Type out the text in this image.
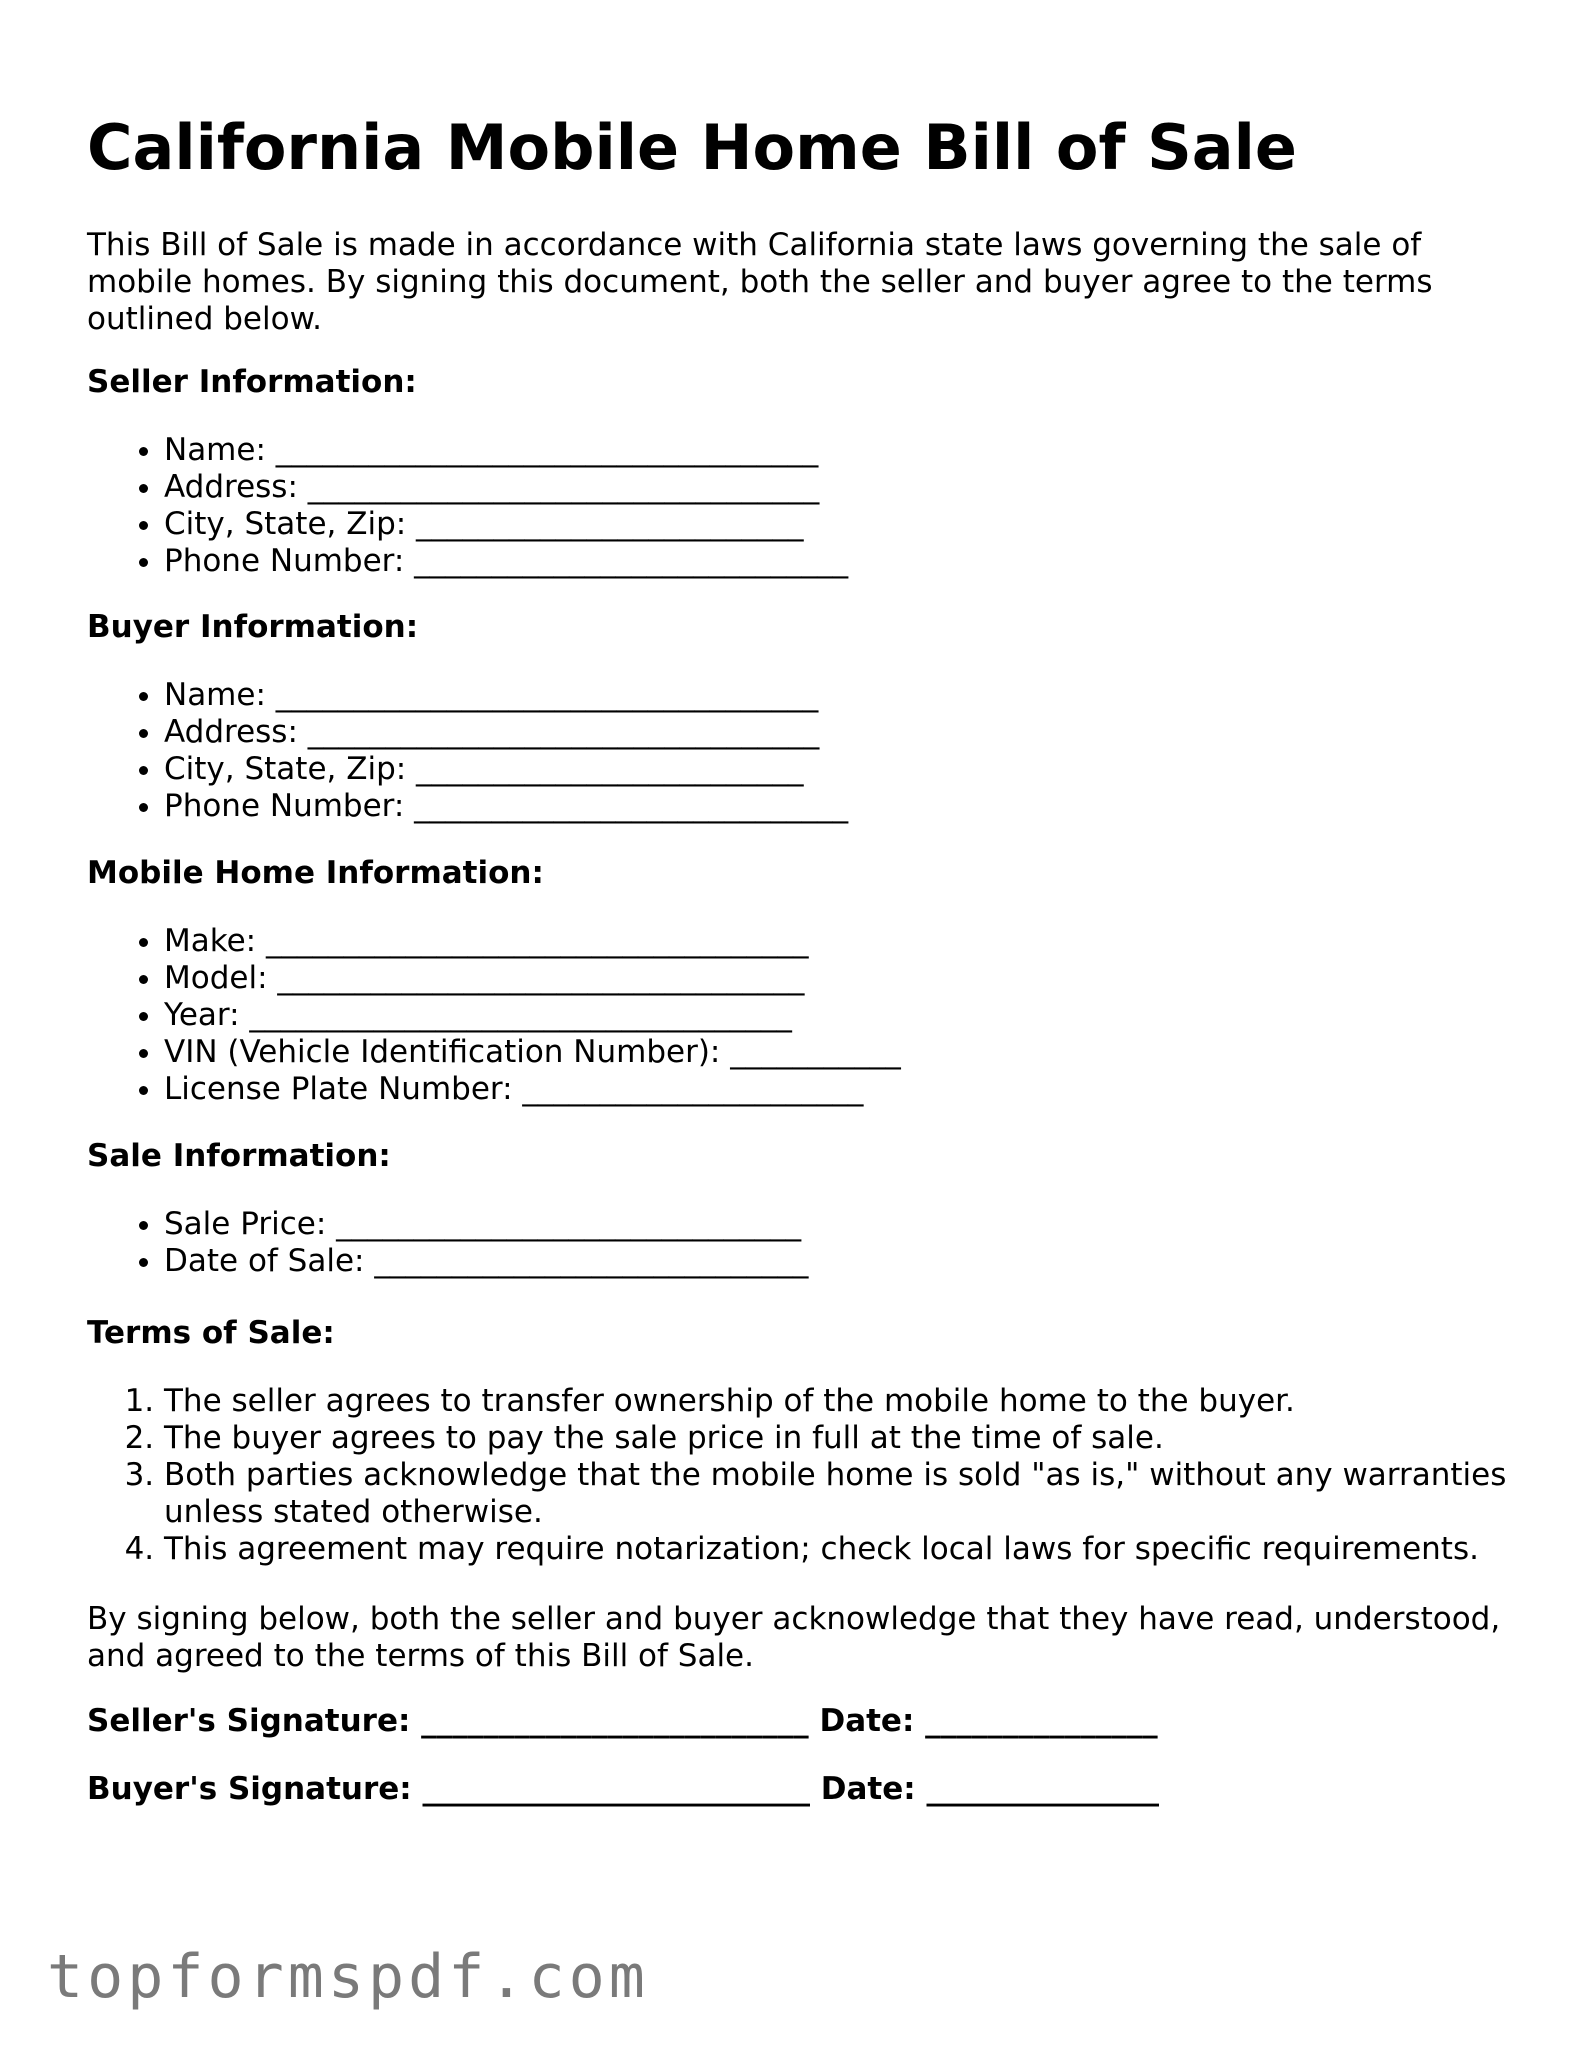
California Mobile Home Bill of Sale

This Bill of Sale is made in accordance with California state laws governing the sale of mobile homes. By signing this document, both the seller and buyer agree to the terms outlined below.

Seller Information:

• Name: ___________________________________
• Address: _________________________________
• City, State, Zip: _________________________
• Phone Number: ____________________________

Buyer Information:

• Name: ___________________________________
• Address: _________________________________
• City, State, Zip: _________________________
• Phone Number: ____________________________

Mobile Home Information:

• Make: ___________________________________
• Model: __________________________________
• Year: ___________________________________
• VIN (Vehicle Identification Number): ___________
• License Plate Number: ______________________

Sale Information:

• Sale Price: ______________________________
• Date of Sale: ____________________________

Terms of Sale:

1. The seller agrees to transfer ownership of the mobile home to the buyer.
2. The buyer agrees to pay the sale price in full at the time of sale.
3. Both parties acknowledge that the mobile home is sold "as is," without any warranties unless stated otherwise.
4. This agreement may require notarization; check local laws for specific requirements.

By signing below, both the seller and buyer acknowledge that they have read, understood, and agreed to the terms of this Bill of Sale.

Seller's Signature: _________________________ Date: _______________

Buyer's Signature: _________________________ Date: _______________

topformspdf.com
